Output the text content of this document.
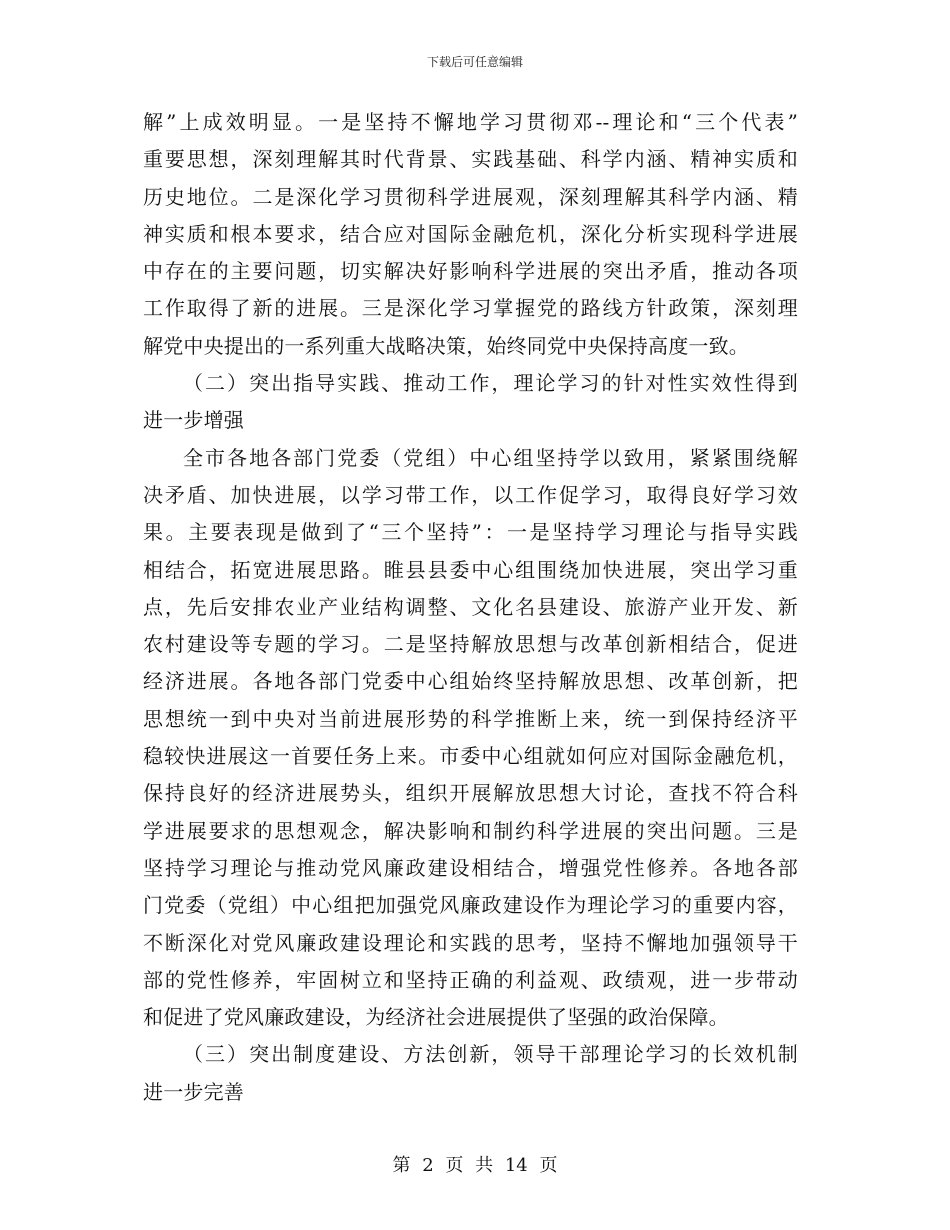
下载后可任意编辑
解”上成效明显。一是坚持不懈地学习贯彻邓--理论和“三个代表”
重要思想，深刻理解其时代背景、实践基础、科学内涵、精神实质和
历史地位。二是深化学习贯彻科学进展观，深刻理解其科学内涵、精
神实质和根本要求，结合应对国际金融危机，深化分析实现科学进展
中存在的主要问题，切实解决好影响科学进展的突出矛盾，推动各项
工作取得了新的进展。三是深化学习掌握党的路线方针政策，深刻理
解党中央提出的一系列重大战略决策，始终同党中央保持高度一致。
（二）突出指导实践、推动工作，理论学习的针对性实效性得到
进一步增强
全市各地各部门党委（党组）中心组坚持学以致用，紧紧围绕解
决矛盾、加快进展，以学习带工作，以工作促学习，取得良好学习效
果。主要表现是做到了“三个坚持”：一是坚持学习理论与指导实践
相结合，拓宽进展思路。睢县县委中心组围绕加快进展，突出学习重
点，先后安排农业产业结构调整、文化名县建设、旅游产业开发、新
农村建设等专题的学习。二是坚持解放思想与改革创新相结合，促进
经济进展。各地各部门党委中心组始终坚持解放思想、改革创新，把
思想统一到中央对当前进展形势的科学推断上来，统一到保持经济平
稳较快进展这一首要任务上来。市委中心组就如何应对国际金融危机，
保持良好的经济进展势头，组织开展解放思想大讨论，查找不符合科
学进展要求的思想观念，解决影响和制约科学进展的突出问题。三是
坚持学习理论与推动党风廉政建设相结合，增强党性修养。各地各部
门党委（党组）中心组把加强党风廉政建设作为理论学习的重要内容，
不断深化对党风廉政建设理论和实践的思考，坚持不懈地加强领导干
部的党性修养，牢固树立和坚持正确的利益观、政绩观，进一步带动
和促进了党风廉政建设，为经济社会进展提供了坚强的政治保障。
（三）突出制度建设、方法创新，领导干部理论学习的长效机制
进一步完善
第 2 页 共 14 页
